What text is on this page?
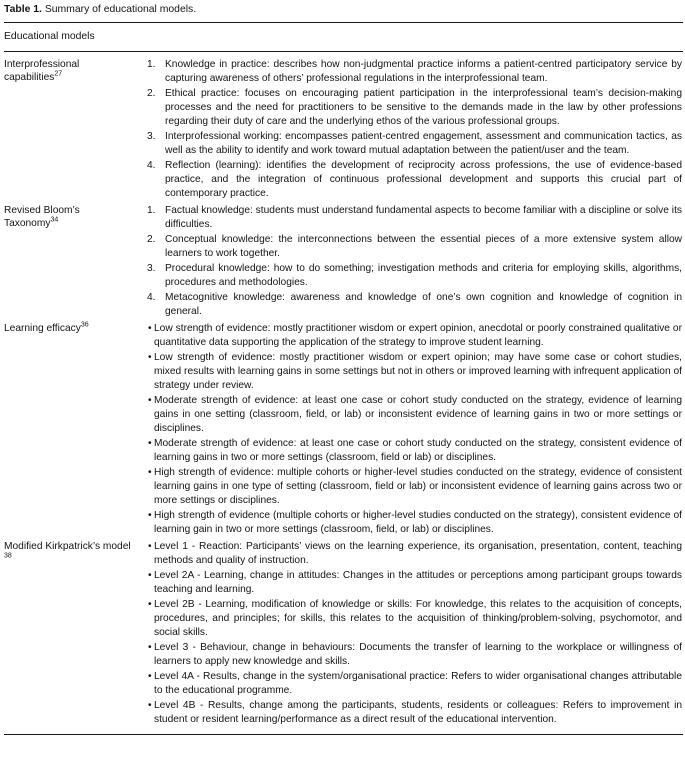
Table 1. Summary of educational models.
Educational models
Interprofessional capabilities$^{27}$
1. Knowledge in practice: describes how non-judgmental practice informs a patient-centred participatory service by capturing awareness of others’ professional regulations in the interprofessional team.
2. Ethical practice: focuses on encouraging patient participation in the interprofessional team’s decision-making processes and the need for practitioners to be sensitive to the demands made in the law by other professions regarding their duty of care and the underlying ethos of the various professional groups.
3. Interprofessional working: encompasses patient-centred engagement, assessment and communication tactics, as well as the ability to identify and work toward mutual adaptation between the patient/user and the team.
4. Reflection (learning): identifies the development of reciprocity across professions, the use of evidence-based practice, and the integration of continuous professional development and supports this crucial part of contemporary practice.
Revised Bloom’s Taxonomy$^{34}$
1. Factual knowledge: students must understand fundamental aspects to become familiar with a discipline or solve its difficulties.
2. Conceptual knowledge: the interconnections between the essential pieces of a more extensive system allow learners to work together.
3. Procedural knowledge: how to do something; investigation methods and criteria for employing skills, algorithms, procedures and methodologies.
4. Metacognitive knowledge: awareness and knowledge of one’s own cognition and knowledge of cognition in general.
Learning efficacy$^{36}$	• Low strength of evidence: mostly practitioner wisdom or expert opinion, anecdotal or poorly constrained qualitative or quantitative data supporting the application of the strategy to improve student learning.
• Low strength of evidence: mostly practitioner wisdom or expert opinion; may have some case or cohort studies, mixed results with learning gains in some settings but not in others or improved learning with infrequent application of strategy under review.
• Moderate strength of evidence: at least one case or cohort study conducted on the strategy, evidence of learning gains in one setting (classroom, field, or lab) or inconsistent evidence of learning gains in two or more settings or disciplines.
• Moderate strength of evidence: at least one case or cohort study conducted on the strategy, consistent evidence of learning gains in two or more settings (classroom, field or lab) or disciplines.
• High strength of evidence: multiple cohorts or higher-level studies conducted on the strategy, evidence of consistent learning gains in one type of setting (classroom, field or lab) or inconsistent evidence of learning gains across two or more settings or disciplines.
• High strength of evidence (multiple cohorts or higher-level studies conducted on the strategy), consistent evidence of learning gain in two or more settings (classroom, field, or lab) or disciplines.
Modified Kirkpatrick’s model $^{38}$
• Level 1 - Reaction: Participants’ views on the learning experience, its organisation, presentation, content, teaching methods and quality of instruction.
• Level 2A - Learning, change in attitudes: Changes in the attitudes or perceptions among participant groups towards teaching and learning.
• Level 2B - Learning, modification of knowledge or skills: For knowledge, this relates to the acquisition of concepts, procedures, and principles; for skills, this relates to the acquisition of thinking/problem-solving, psychomotor, and social skills.
• Level 3 - Behaviour, change in behaviours: Documents the transfer of learning to the workplace or willingness of learners to apply new knowledge and skills.
• Level 4A - Results, change in the system/organisational practice: Refers to wider organisational changes attributable to the educational programme.
• Level 4B - Results, change among the participants, students, residents or colleagues: Refers to improvement in student or resident learning/performance as a direct result of the educational intervention.
